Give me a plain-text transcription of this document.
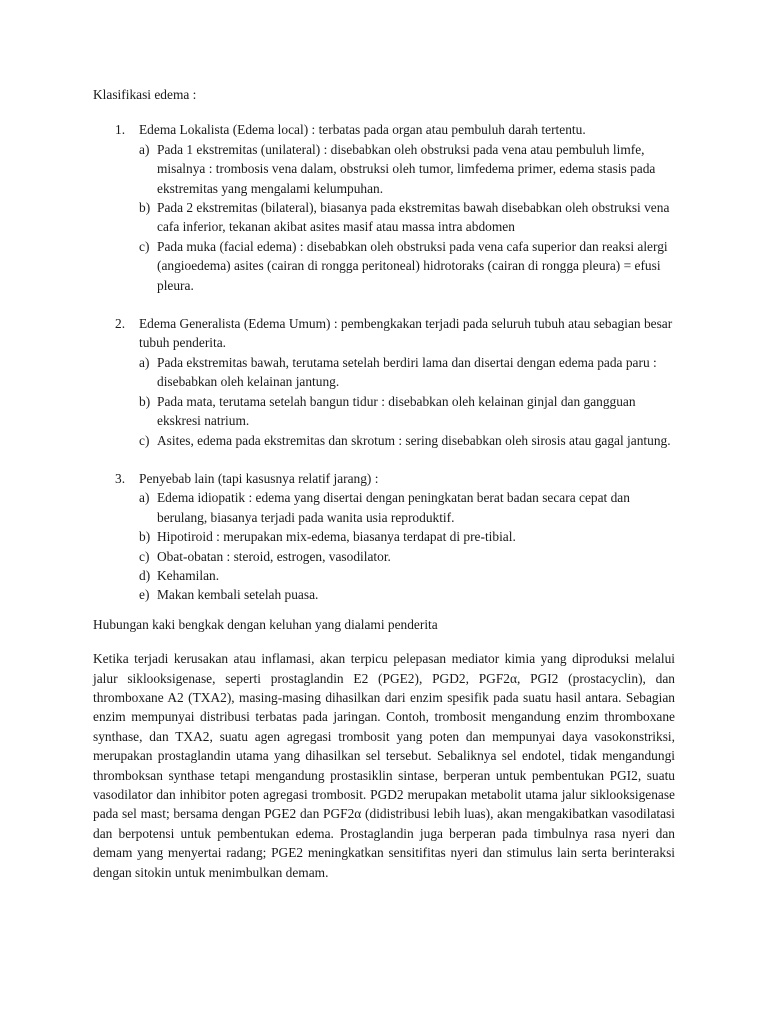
Klasifikasi edema :

1. Edema Lokalista (Edema local) : terbatas pada organ atau pembuluh darah tertentu.

a) Pada 1 ekstremitas (unilateral) : disebabkan oleh obstruksi pada vena atau pembuluh limfe, misalnya : trombosis vena dalam, obstruksi oleh tumor, limfedema primer, edema stasis pada ekstremitas yang mengalami kelumpuhan.

b) Pada 2 ekstremitas (bilateral), biasanya pada ekstremitas bawah disebabkan oleh obstruksi vena cafa inferior, tekanan akibat asites masif atau massa intra abdomen

c) Pada muka (facial edema) : disebabkan oleh obstruksi pada vena cafa superior dan reaksi alergi (angioedema) asites (cairan di rongga peritoneal) hidrotoraks (cairan di rongga pleura) = efusi pleura.

2. Edema Generalista (Edema Umum) : pembengkakan terjadi pada seluruh tubuh atau sebagian besar tubuh penderita.

a) Pada ekstremitas bawah, terutama setelah berdiri lama dan disertai dengan edema pada paru : disebabkan oleh kelainan jantung.

b) Pada mata, terutama setelah bangun tidur : disebabkan oleh kelainan ginjal dan gangguan ekskresi natrium.

c) Asites, edema pada ekstremitas dan skrotum : sering disebabkan oleh sirosis atau gagal jantung.

3. Penyebab lain (tapi kasusnya relatif jarang) :

a) Edema idiopatik : edema yang disertai dengan peningkatan berat badan secara cepat dan berulang, biasanya terjadi pada wanita usia reproduktif.

b) Hipotiroid : merupakan mix-edema, biasanya terdapat di pre-tibial.

c) Obat-obatan : steroid, estrogen, vasodilator.

d) Kehamilan.

e) Makan kembali setelah puasa.

Hubungan kaki bengkak dengan keluhan yang dialami penderita

Ketika terjadi kerusakan atau inflamasi, akan terpicu pelepasan mediator kimia yang diproduksi melalui jalur siklooksigenase, seperti prostaglandin E2 (PGE2), PGD2, PGF2α, PGI2 (prostacyclin), dan thromboxane A2 (TXA2), masing-masing dihasilkan dari enzim spesifik pada suatu hasil antara. Sebagian enzim mempunyai distribusi terbatas pada jaringan. Contoh, trombosit mengandung enzim thromboxane synthase, dan TXA2, suatu agen agregasi trombosit yang poten dan mempunyai daya vasokonstriksi, merupakan prostaglandin utama yang dihasilkan sel tersebut. Sebaliknya sel endotel, tidak mengandungi thromboksan synthase tetapi mengandung prostasiklin sintase, berperan untuk pembentukan PGI2, suatu vasodilator dan inhibitor poten agregasi trombosit. PGD2 merupakan metabolit utama jalur siklooksigenase pada sel mast; bersama dengan PGE2 dan PGF2α (didistribusi lebih luas), akan mengakibatkan vasodilatasi dan berpotensi untuk pembentukan edema. Prostaglandin juga berperan pada timbulnya rasa nyeri dan demam yang menyertai radang; PGE2 meningkatkan sensitifitas nyeri dan stimulus lain serta berinteraksi dengan sitokin untuk menimbulkan demam.
